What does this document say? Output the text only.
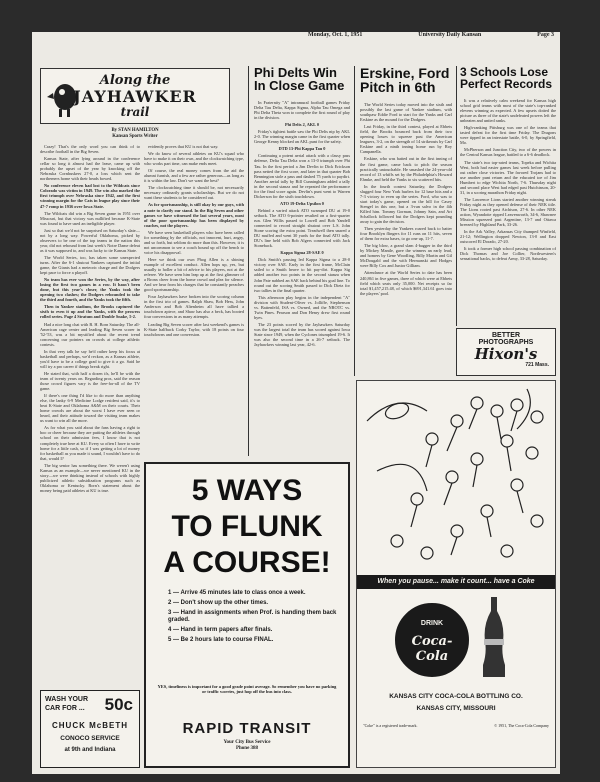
Monday, Oct. 1, 1951	University Daily Kansan	Page 3
Along the
JAYHAWKER
trail
By STAN HAMILTON
Kansan Sports Writer

Crazy! That's the only word you can think of to describe football in the Big Seven.

Kansas State, after lying around in the conference cellar so long it almost had the lease, came up with probably the upset of the year by knocking off the Nebraska Cornhuskers 27-0, a loss which sent the northerners home with their heads bowed.

No conference eleven had lost to the Wildcats since Colorado was victim in 1949. The win also marked the first triumph over Nebraska since 1942, and the first winning margin for the Cats in league play since their 47-7 romp in 1936 over Iowa State.

The Wildcats did win a Big Seven game in 1951 over Missouri, but that victory was nullified because K-State was found to have used an ineligible player.

Just so that we'd not be surprised on Saturday's slate—not by a long way. Powerful Oklahoma, picked by observers to be one of the top teams in the nation this year, did not rebound from last week's Notre Dame defeat as it was supposed to, and was lucky to tie Kansas State.

The World Series, too, has taken some unexpected turns. After the 6-1 shutout Yankees captured the initial game, the Giants had a meteoric charge and the Dodgers kept pace to force a playoff.

No team has ever won the Series, by the way, after losing the first two games in a row. It hasn't been done, but this year's closer, the Yanks took the opening two clashes; the Dodgers rebounded to take the third and fourth, and the Yanks took the fifth.

Then in Yankee stadium, the Brooks captured the sixth to even it up and the Yanks, with the prowess rolled series. Page 4 Stratum and Double Snake, 5-2.

Had a nice long chat with B. H. Born Saturday. The all-American cage center and leading Big Seven scorer in '52-'53, was a bit mystified about the recent trend concerning our pointers on crowds at college athletic contests.

In that very talk he say he'd rather keep his focus at basketball and perhaps, we'd reckon, as a Kansas athlete, you'd have to be a college grad to give it a go. Said he will try a pro career if things break right.

He stated that, with half a dozen ifs, he'll be with the team of twenty years on. Regarding pros, said the reason those crowd figures vary is the free-for-all of the TV game.

If there's one thing I'd like to do more than anything else, the lanky 6-9 Medicine Lodge resident said, it's to beat K-State and Oklahoma A&M on their courts. Their home crowds are about the worst I have ever seen or heard, and their attitude toward the visiting team makes us want to win all the more.

As for what you said about the fans having a right to boo or cheer because they are putting the athletes through school on their admission fees, I know that is not completely true here at KU. Every so often I have to write home for a little cash, so if I was getting a lot of money for basketball as you made it sound, I wouldn't have to do that, would I?

The big senior has something there. We weren't using Kansas as an example—we never mentioned KU in the story—we were thinking instead of schools with highly publicized athletic subsidization programs such as Oklahoma or Kentucky. Born's statement about the money being paid athletes at KU is true.

evidently proves that KU is not that way.

We do know of several athletes on KU's squad who have to make it on their own, and the clockwatching type, who works part time, can make ends meet.

Of course, the real money comes from the aid the alumni furnish, and a few are rather generous—as long as it is within the law. Don't we want the best?

The clockwatching time it should be, not necessarily necessary ordinarily grants scholarships. But we do not want these students to be considered out.

As for sportsmanship, is still okay by our guys, with a note to clarify our stand. In the Big Seven and other games we have witnessed the last several years, most of the poor sportsmanship has been displayed by coaches, not the players.

We have seen basketball players who have been called for something by the officials, not innocent, hurt, angry, and so forth, but seldom do more than this. However, it is not uncommon to see a coach bound up off the bench to voice his disapproval.

Here we think our own Phog Allen is a shining example of excellent conduct. Allen hops up, yes, but usually to holler a bit of advice to his players, not at the referee. We have seen him leap up at the first glimmer of a Bronx cheer from the home crowd and plea for silence. And we hear from his charges that he constantly preaches good sportsmanship.

Four Jayhawkers have broken into the scoring column in the first trio of games. Ralph Shaw, Bob Hess, John Anderson and Bob Altenheim all have tallied a touchdown apiece, and Shaw has also a beck, has booted four conversions in as many attempts.

Leading Big Seven scorer after last weekend's games is K-State halfback Corky Taylor, with 18 points on four touchdowns and one conversion.

Phi Delts Win In Close Game

In Fraternity "A" intramural football games Friday Delta Tau Delta, Kappa Sigma, Alpha Tau Omega and Phi Delta Theta won to complete the first round of play in the division.

Phi Delts 2, AKL 0

Friday's tightest battle saw the Phi Delts nip by AKL 2-0. The winning margin came in the first quarter when George Kenny blocked an AKL punt for the safety.

DTD 13-Phi Kappa Tau 0

Continuing a potent aerial attack with a classy pass defense, Delta Tau Delta won a 13-0 triumph over Phi Tau. In the first period a Jim Devlin to Dick Erickson pass netted the first score, and later in that quarter Bob Bennington stole a pass and dashed 75 yards to paydirt. Another aerial tally by Bill Cunningham added a tally in the second stanza and he repeated the performance for the final score again. Devlin's punt went to Warren Dickerson for the sixth touchdown.

ATO 19-Delta Upsilon 0

Behind a varied attack ATO swamped DU at 19-0 setback. The ATO 6-pointer resulted on a first-quarter run. Glen Willis passed to Lowell and Bob Yandell connected to record straight shutout over L.S. John Stone scoring the extra point. Treadwell then snared a DU muffed and went 30 yards for the final ATO tally. DU's line held with Bob Algers connected with Jack Stoneback.

Kappa Sigma 28-SAE 0

Dick Smith's passing led Kappa Sigma to a 28-0 victory over SAE. Early in the first frame, McClain sailed to a Smith heave to hit pay-dirt. Kappa Sig added another two points in the second stanza when John Pate nabbed an SAE back behind his goal line. To round out the scoring Smith passed to Dick Dietz for two tallies in the final quarter.

This afternoon play begins in the independent "A" division with Student-Oliver vs. Jolliffe, Stephenson vs. Battenfeld, ISA vs. Owned, and the NROTC vs. Twin Pines. Pearson and Don Henry drew first round byes.

The 23 points scored by the Jayhawkers Saturday was the largest total the team has scored against Iowa State since 1949, when the Cyclones triumphed 19-6. It was also the second time in a 26-7 setback. The Jayhawkers winning last year, 42-6.

Erskine, Ford Pitch in 6th

The World Series today moved into the sixth and possibly the last game of Yankee stadium, with southpaw Eddie Ford to start for the Yanks and Carl Erskine as the mound for the Dodgers.

Last Friday, in the third contest, played at Ebbets field, the Brooks bounced back from their two opening losses to squeeze past the American leaguers, 3-2, on the strength of 14 strikeouts by Carl Erskine and a ninth inning home run by Roy Campanella.

Erskine, who was batted out in the first inning of the first game, came back to pitch the season practically untouchable. He smashed the 24-year-old record of 13 whiffs set by the Philadelphia's Howard Ehmke, and held the Yanks to six scattered hits.

In the fourth contest Saturday, the Dodgers slugged four New York hurlers for 12 base hits and a 7-3 victory to even up the series. Ford, who was to start today's game, opened on the hill for Casey Stengel in this one, but a 3-run salvo in the 4th Killed him. Tommy Gorman, Johnny Sain, and Art Schallock followed but the Dodgers kept pounding away to gain the decision.

Then yesterday the Yankees roared back to batter four Brooklyn flingers for 11 runs on 11 hits, seven of them for extra bases, to go one up, 11-7.

The big blow, a grand slam 4-bagger in the third by Mickey Mantle, gave the winners an early lead, and homers by Gene Woodling, Billy Martin and Gil McDougald and the with Hermanski and Hodges were Billy Cox and Junior Gilliam.

Attendance at the World Series to date has been 240,861 in five games, three of which were at Ebbets field which seats only 35,000. Net receipts so far total $1,457,215.48, of which $691,341.61 goes into the players' pool.

3 Schools Lose Perfect Records

It was a relatively calm weekend for Kansas high school grid teams with most of the state's top-ranked elevens winning as expected. A few upsets dotted the picture as three of the state's undefeated powers left the unbeaten and untied ranks.

High-ranking Pittsburg was one of the teams that tasted defeat for the first time Friday. The Dragons were tipped in an interstate battle, 6-0, by Springfield, Mo.

McPherson and Junction City, two of the powers in the Central Kansas league, battled to a 6-6 deadlock.

The state's two top-rated teams, Topeka and Wichita West, both had easier games last week before pulling out rather close victories. The favored Trojans had to use another punt return and the educated toe of Jim Humbert to edge Wichita North, 7-6. Thursday night and second place West had edged past Hutchinson, 20-31, in a scoring marathon Friday night.

The Lawrence Lions started another winning streak Friday night as they opened defense of their NEK title. The Lions rooted past Atchison, 27-6. In other NEK action, Wyandotte ripped Leavenworth, 34-6, Shawnee Mission squeezed past Argentine, 13-7 and Ottawa breezed by Highland Park, 33-26.

In the Ark Valley, Arkansas City thumped Winfield, 21-12; Wellington dropped Newton, 13-0 and East outscored El Dorado, 27-20.

It took a former high school passing combination of Dick Thomas and Joe Collier, Northwestern's sensational backs, to defeat Army, 33-28, Saturday.

BETTER
PHOTOGRAPHS
Hixon's
721 Mass.
5 WAYS
TO FLUNK
A COURSE!
1 — Arrive 45 minutes late to class once a week.
2 — Don't show up the other times.
3 — Hand in assignments when Prof. is handing them back graded.
4 — Hand in term papers after finals.
5 — Be 2 hours late to course FINAL.
YES, timeliness is important for a good grade point average. So remember you have no parking or traffic worries, just hop off the bus into class.
RAPID TRANSIT
Your City Bus Service
Phone 388
WASH YOUR
CAR FOR ... 50c
CHUCK McBETH
CONOCO SERVICE
at 9th and Indiana
When you pause... make it count... have a Coke
DRINK
Coca-Cola
KANSAS CITY COCA-COLA BOTTLING CO.
KANSAS CITY, MISSOURI
"Coke" is a registered trade-mark.	© 1951, The Coca-Cola Company
